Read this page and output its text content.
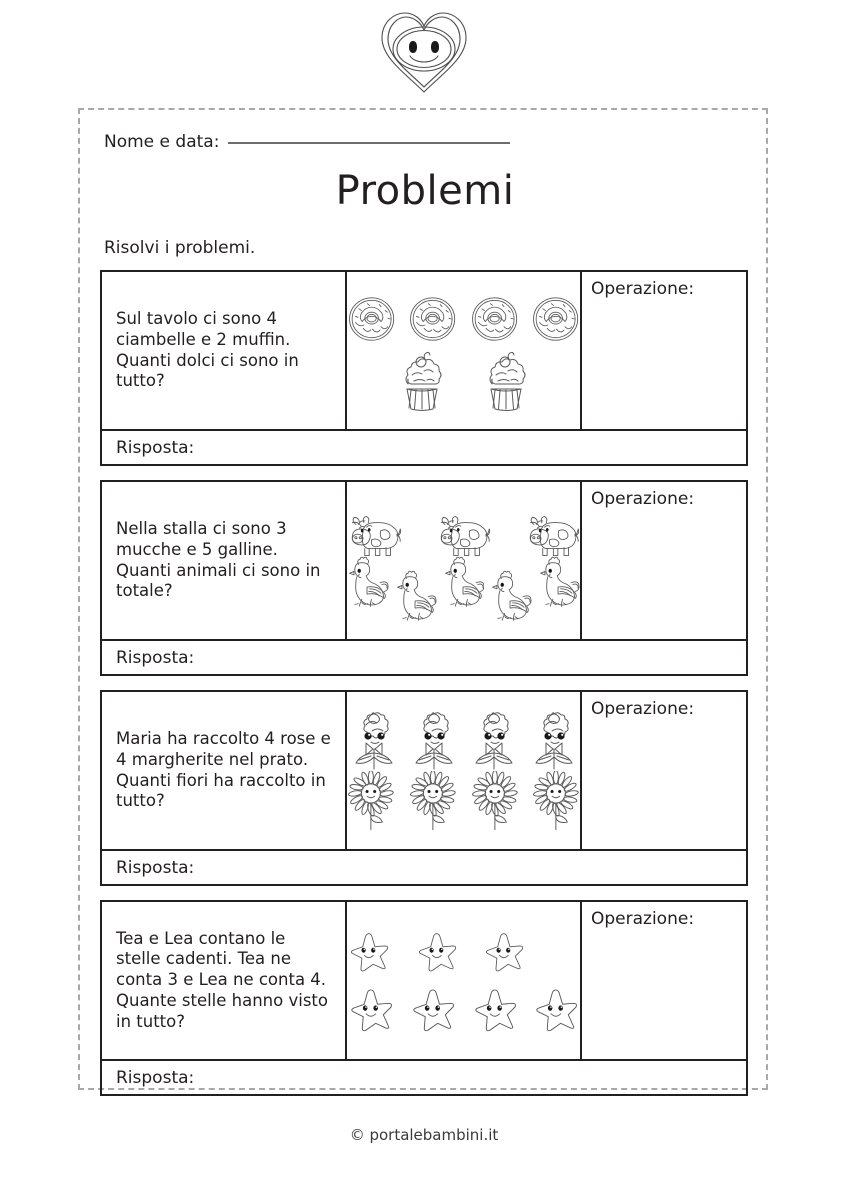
Nome e data:
Problemi
Risolvi i problemi.

Sul tavolo ci sono 4 ciambelle e 2 muffin. Quanti dolci ci sono in tutto?

Operazione:
Risposta:

Nella stalla ci sono 3 mucche e 5 galline. Quanti animali ci sono in totale?

Operazione:
Risposta:

Maria ha raccolto 4 rose e 4 margherite nel prato. Quanti fiori ha raccolto in tutto?

Operazione:
Risposta:

Tea e Lea contano le stelle cadenti. Tea ne conta 3 e Lea ne conta 4. Quante stelle hanno visto in tutto?

Operazione:
Risposta:
© portalebambini.it
